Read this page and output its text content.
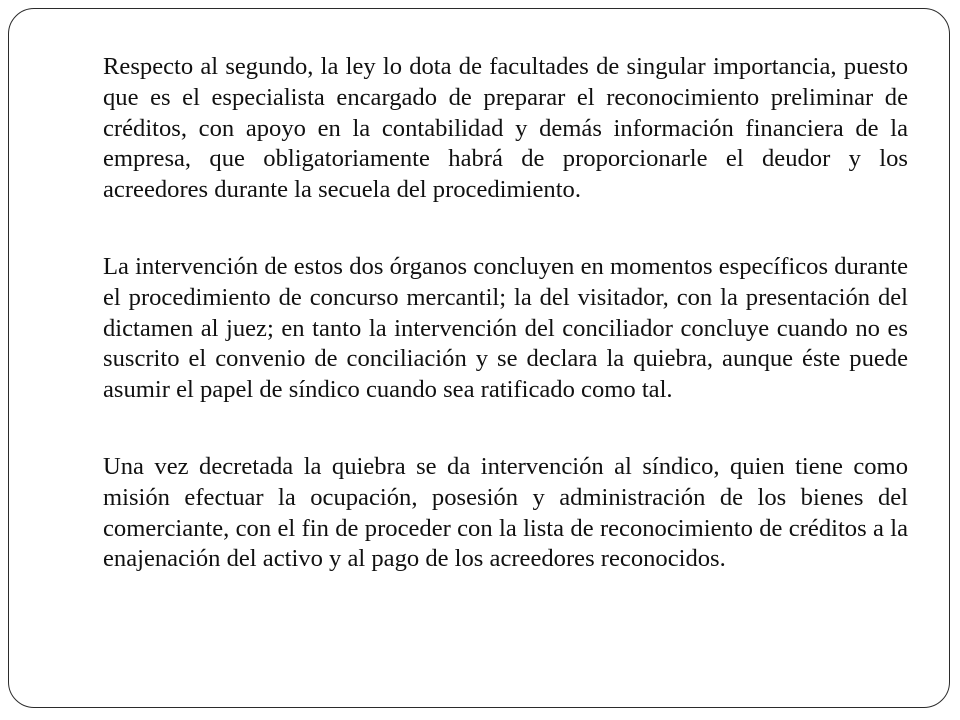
Respecto al segundo, la ley lo dota de facultades de singular importancia, puesto que es el especialista encargado de preparar el reconocimiento preliminar de créditos, con apoyo en la contabilidad y demás información financiera de la empresa, que obligatoriamente habrá de proporcionarle el deudor y los acreedores durante la secuela del procedimiento.

La intervención de estos dos órganos concluyen en momentos específicos durante el procedimiento de concurso mercantil; la del visitador, con la presentación del dictamen al juez; en tanto la intervención del conciliador concluye cuando no es suscrito el convenio de conciliación y se declara la quiebra, aunque éste puede asumir el papel de síndico cuando sea ratificado como tal.

Una vez decretada la quiebra se da intervención al síndico, quien tiene como misión efectuar la ocupación, posesión y administración de los bienes del comerciante, con el fin de proceder con la lista de reconocimiento de créditos a la enajenación del activo y al pago de los acreedores reconocidos.
